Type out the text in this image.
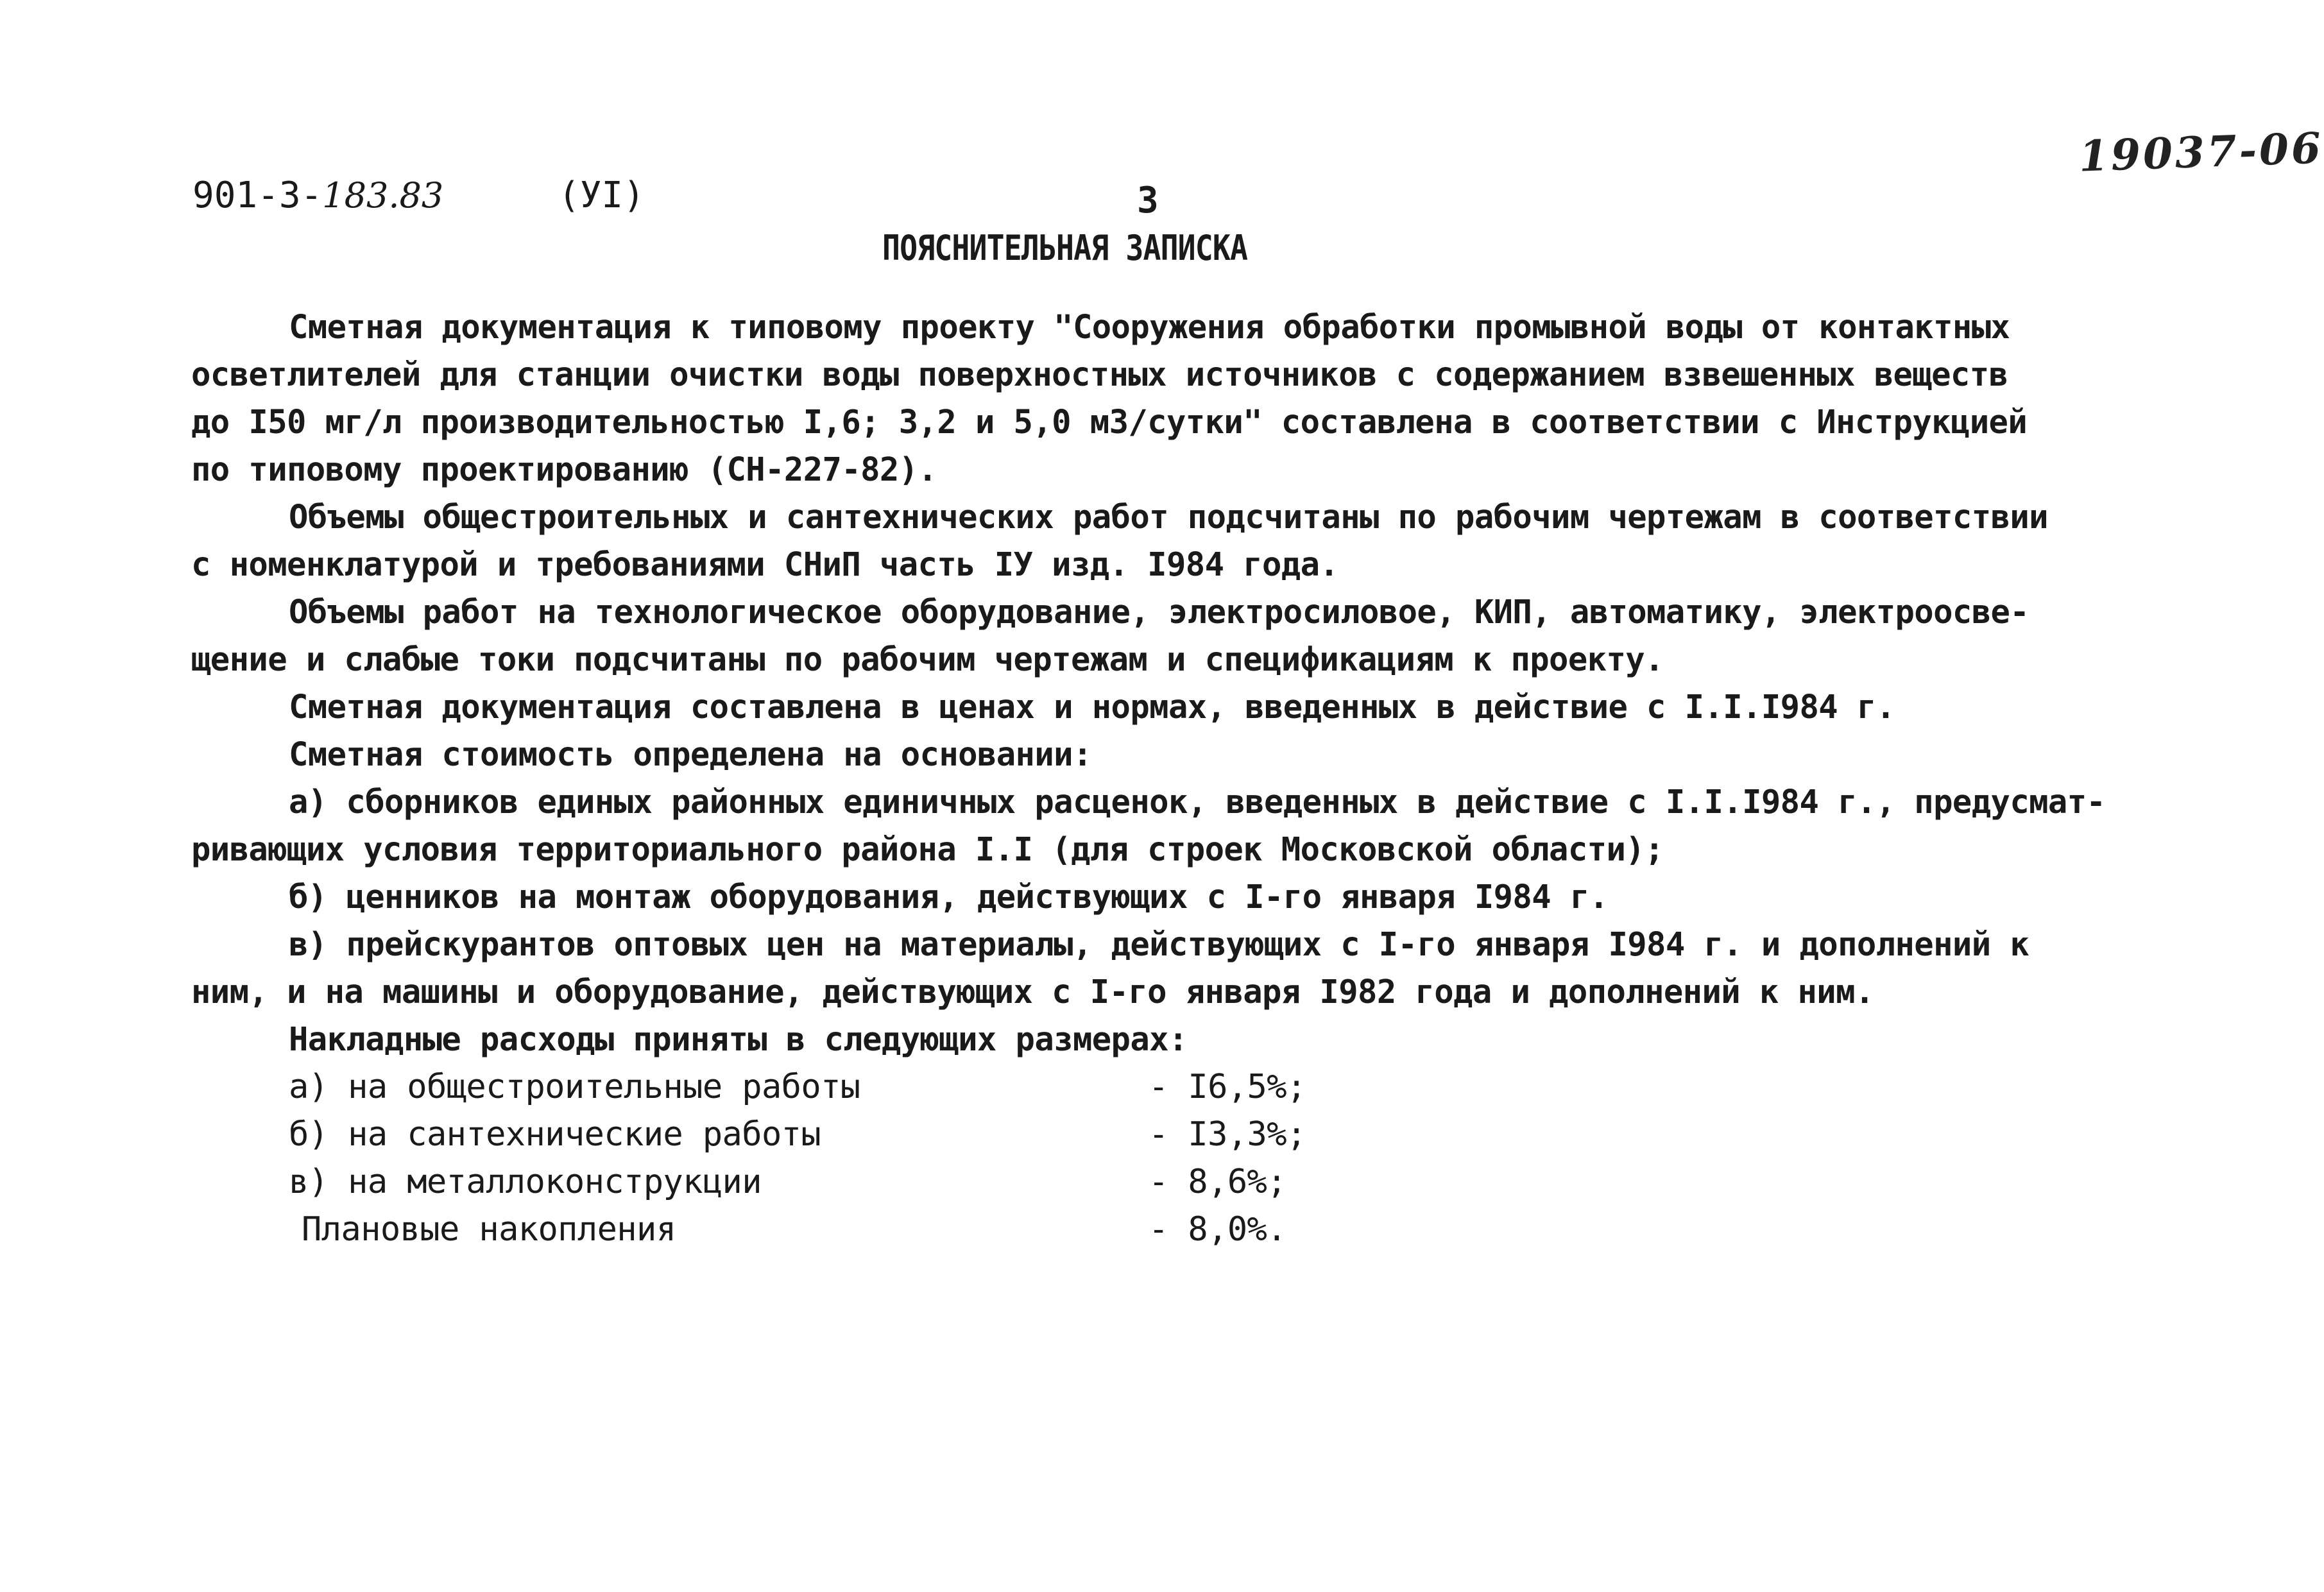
19037-06
901-3-183.83	(УI)	3
ПОЯСНИТЕЛЬНАЯ ЗАПИСКА
Сметная документация к типовому проекту "Сооружения обработки промывной воды от контактных
осветлителей для станции очистки воды поверхностных источников с содержанием взвешенных веществ
до I50 мг/л производительностью I,6; 3,2 и 5,0 м3/сутки" составлена в соответствии с Инструкцией
по типовому проектированию (СН-227-82).
Объемы общестроительных и сантехнических работ подсчитаны по рабочим чертежам в соответствии
с номенклатурой и требованиями СНиП часть IУ изд. I984 года.
Объемы работ на технологическое оборудование, электросиловое, КИП, автоматику, электроосве-
щение и слабые токи подсчитаны по рабочим чертежам и спецификациям к проекту.
Сметная документация составлена в ценах и нормах, введенных в действие с I.I.I984 г.
Сметная стоимость определена на основании:
а) сборников единых районных единичных расценок, введенных в действие с I.I.I984 г., предусмат-
ривающих условия территориального района I.I (для строек Московской области);
б) ценников на монтаж оборудования, действующих с I-го января I984 г.
в) прейскурантов оптовых цен на материалы, действующих с I-го января I984 г. и дополнений к
ним, и на машины и оборудование, действующих с I-го января I982 года и дополнений к ним.
Накладные расходы приняты в следующих размерах:
а) на общестроительные работы	- I6,5%;
б) на сантехнические работы	- I3,3%;
в) на металлоконструкции	- 8,6%;
Плановые накопления	- 8,0%.
